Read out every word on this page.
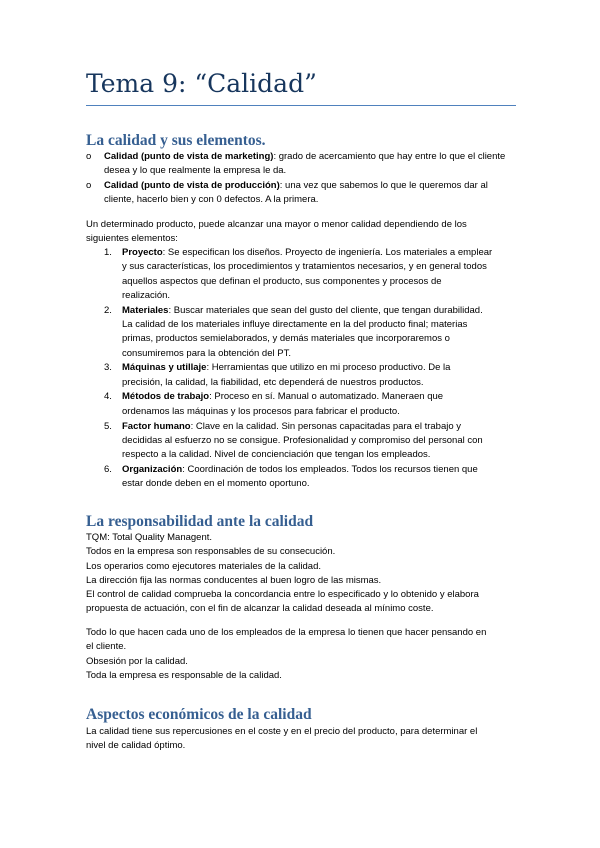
Tema 9: “Calidad”
La calidad y sus elementos.
o Calidad (punto de vista de marketing): grado de acercamiento que hay entre lo que el cliente desea y lo que realmente la empresa le da.
o Calidad (punto de vista de producción): una vez que sabemos lo que le queremos dar al cliente, hacerlo bien y con 0 defectos. A la primera.
Un determinado producto, puede alcanzar una mayor o menor calidad dependiendo de los
siguientes elementos:
1. Proyecto: Se especifican los diseños. Proyecto de ingeniería. Los materiales a emplear
y sus características, los procedimientos y tratamientos necesarios, y en general todos
aquellos aspectos que definan el producto, sus componentes y procesos de
realización.
2. Materiales: Buscar materiales que sean del gusto del cliente, que tengan durabilidad.
La calidad de los materiales influye directamente en la del producto final; materias
primas, productos semielaborados, y demás materiales que incorporaremos o
consumiremos para la obtención del PT.
3. Máquinas y utillaje: Herramientas que utilizo en mi proceso productivo. De la
precisión, la calidad, la fiabilidad, etc dependerá de nuestros productos.
4. Métodos de trabajo: Proceso en sí. Manual o automatizado. Maneraen que
ordenamos las máquinas y los procesos para fabricar el producto.
5. Factor humano: Clave en la calidad. Sin personas capacitadas para el trabajo y
decididas al esfuerzo no se consigue. Profesionalidad y compromiso del personal con
respecto a la calidad. Nivel de concienciación que tengan los empleados.
6. Organización: Coordinación de todos los empleados. Todos los recursos tienen que
estar donde deben en el momento oportuno.
La responsabilidad ante la calidad
TQM: Total Quality Managent.
Todos en la empresa son responsables de su consecución.
Los operarios como ejecutores materiales de la calidad.
La dirección fija las normas conducentes al buen logro de las mismas.
El control de calidad comprueba la concordancia entre lo especificado y lo obtenido y elabora
propuesta de actuación, con el fin de alcanzar la calidad deseada al mínimo coste.
Todo lo que hacen cada uno de los empleados de la empresa lo tienen que hacer pensando en
el cliente.
Obsesión por la calidad.
Toda la empresa es responsable de la calidad.
Aspectos económicos de la calidad
La calidad tiene sus repercusiones en el coste y en el precio del producto, para determinar el
nivel de calidad óptimo.
